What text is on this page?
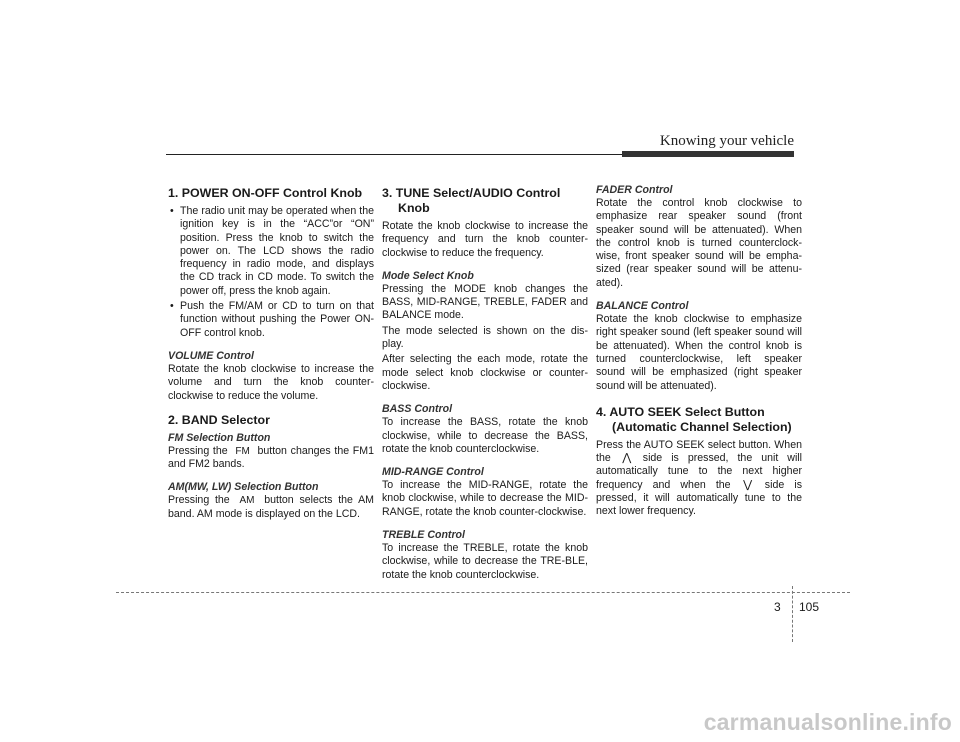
Knowing your vehicle
1. POWER ON-OFF Control Knob
• The radio unit may be operated when the ignition key is in the “ACC”or “ON” position. Press the knob to switch the power on. The LCD shows the radio frequency in radio mode, and displays the CD track in CD mode. To switch the power off, press the knob again.
• Push the FM/AM or CD to turn on that function without pushing the Power ON-OFF control knob.
VOLUME Control

Rotate the knob clockwise to increase the volume and turn the knob counter-clockwise to reduce the volume.

2. BAND Selector
FM Selection Button

Pressing the FM button changes the FM1 and FM2 bands.

AM(MW, LW) Selection Button

Pressing the AM button selects the AM band. AM mode is displayed on the LCD.

3. TUNE Select/AUDIO Control
Knob

Rotate the knob clockwise to increase the frequency and turn the knob counter-clockwise to reduce the frequency.

Mode Select Knob

Pressing the MODE knob changes the BASS, MID-RANGE, TREBLE, FADER and BALANCE mode.

The mode selected is shown on the dis-play.

After selecting the each mode, rotate the mode select knob clockwise or counter-clockwise.

BASS Control

To increase the BASS, rotate the knob clockwise, while to decrease the BASS, rotate the knob counterclockwise.

MID-RANGE Control

To increase the MID-RANGE, rotate the knob clockwise, while to decrease the MID-RANGE, rotate the knob counter-clockwise.

TREBLE Control

To increase the TREBLE, rotate the knob clockwise, while to decrease the TRE-BLE, rotate the knob counterclockwise.

FADER Control

Rotate the control knob clockwise to emphasize rear speaker sound (front speaker sound will be attenuated). When the control knob is turned counterclock-wise, front speaker sound will be empha-sized (rear speaker sound will be attenu-ated).

BALANCE Control

Rotate the knob clockwise to emphasize right speaker sound (left speaker sound will be attenuated). When the control knob is turned counterclockwise, left speaker sound will be emphasized (right speaker sound will be attenuated).

4. AUTO SEEK Select Button
(Automatic Channel Selection)

Press the AUTO SEEK select button. When the ⋀ side is pressed, the unit will automatically tune to the next higher frequency and when the ⋁ side is pressed, it will automatically tune to the next lower frequency.

3 105
carmanualsonline.info
